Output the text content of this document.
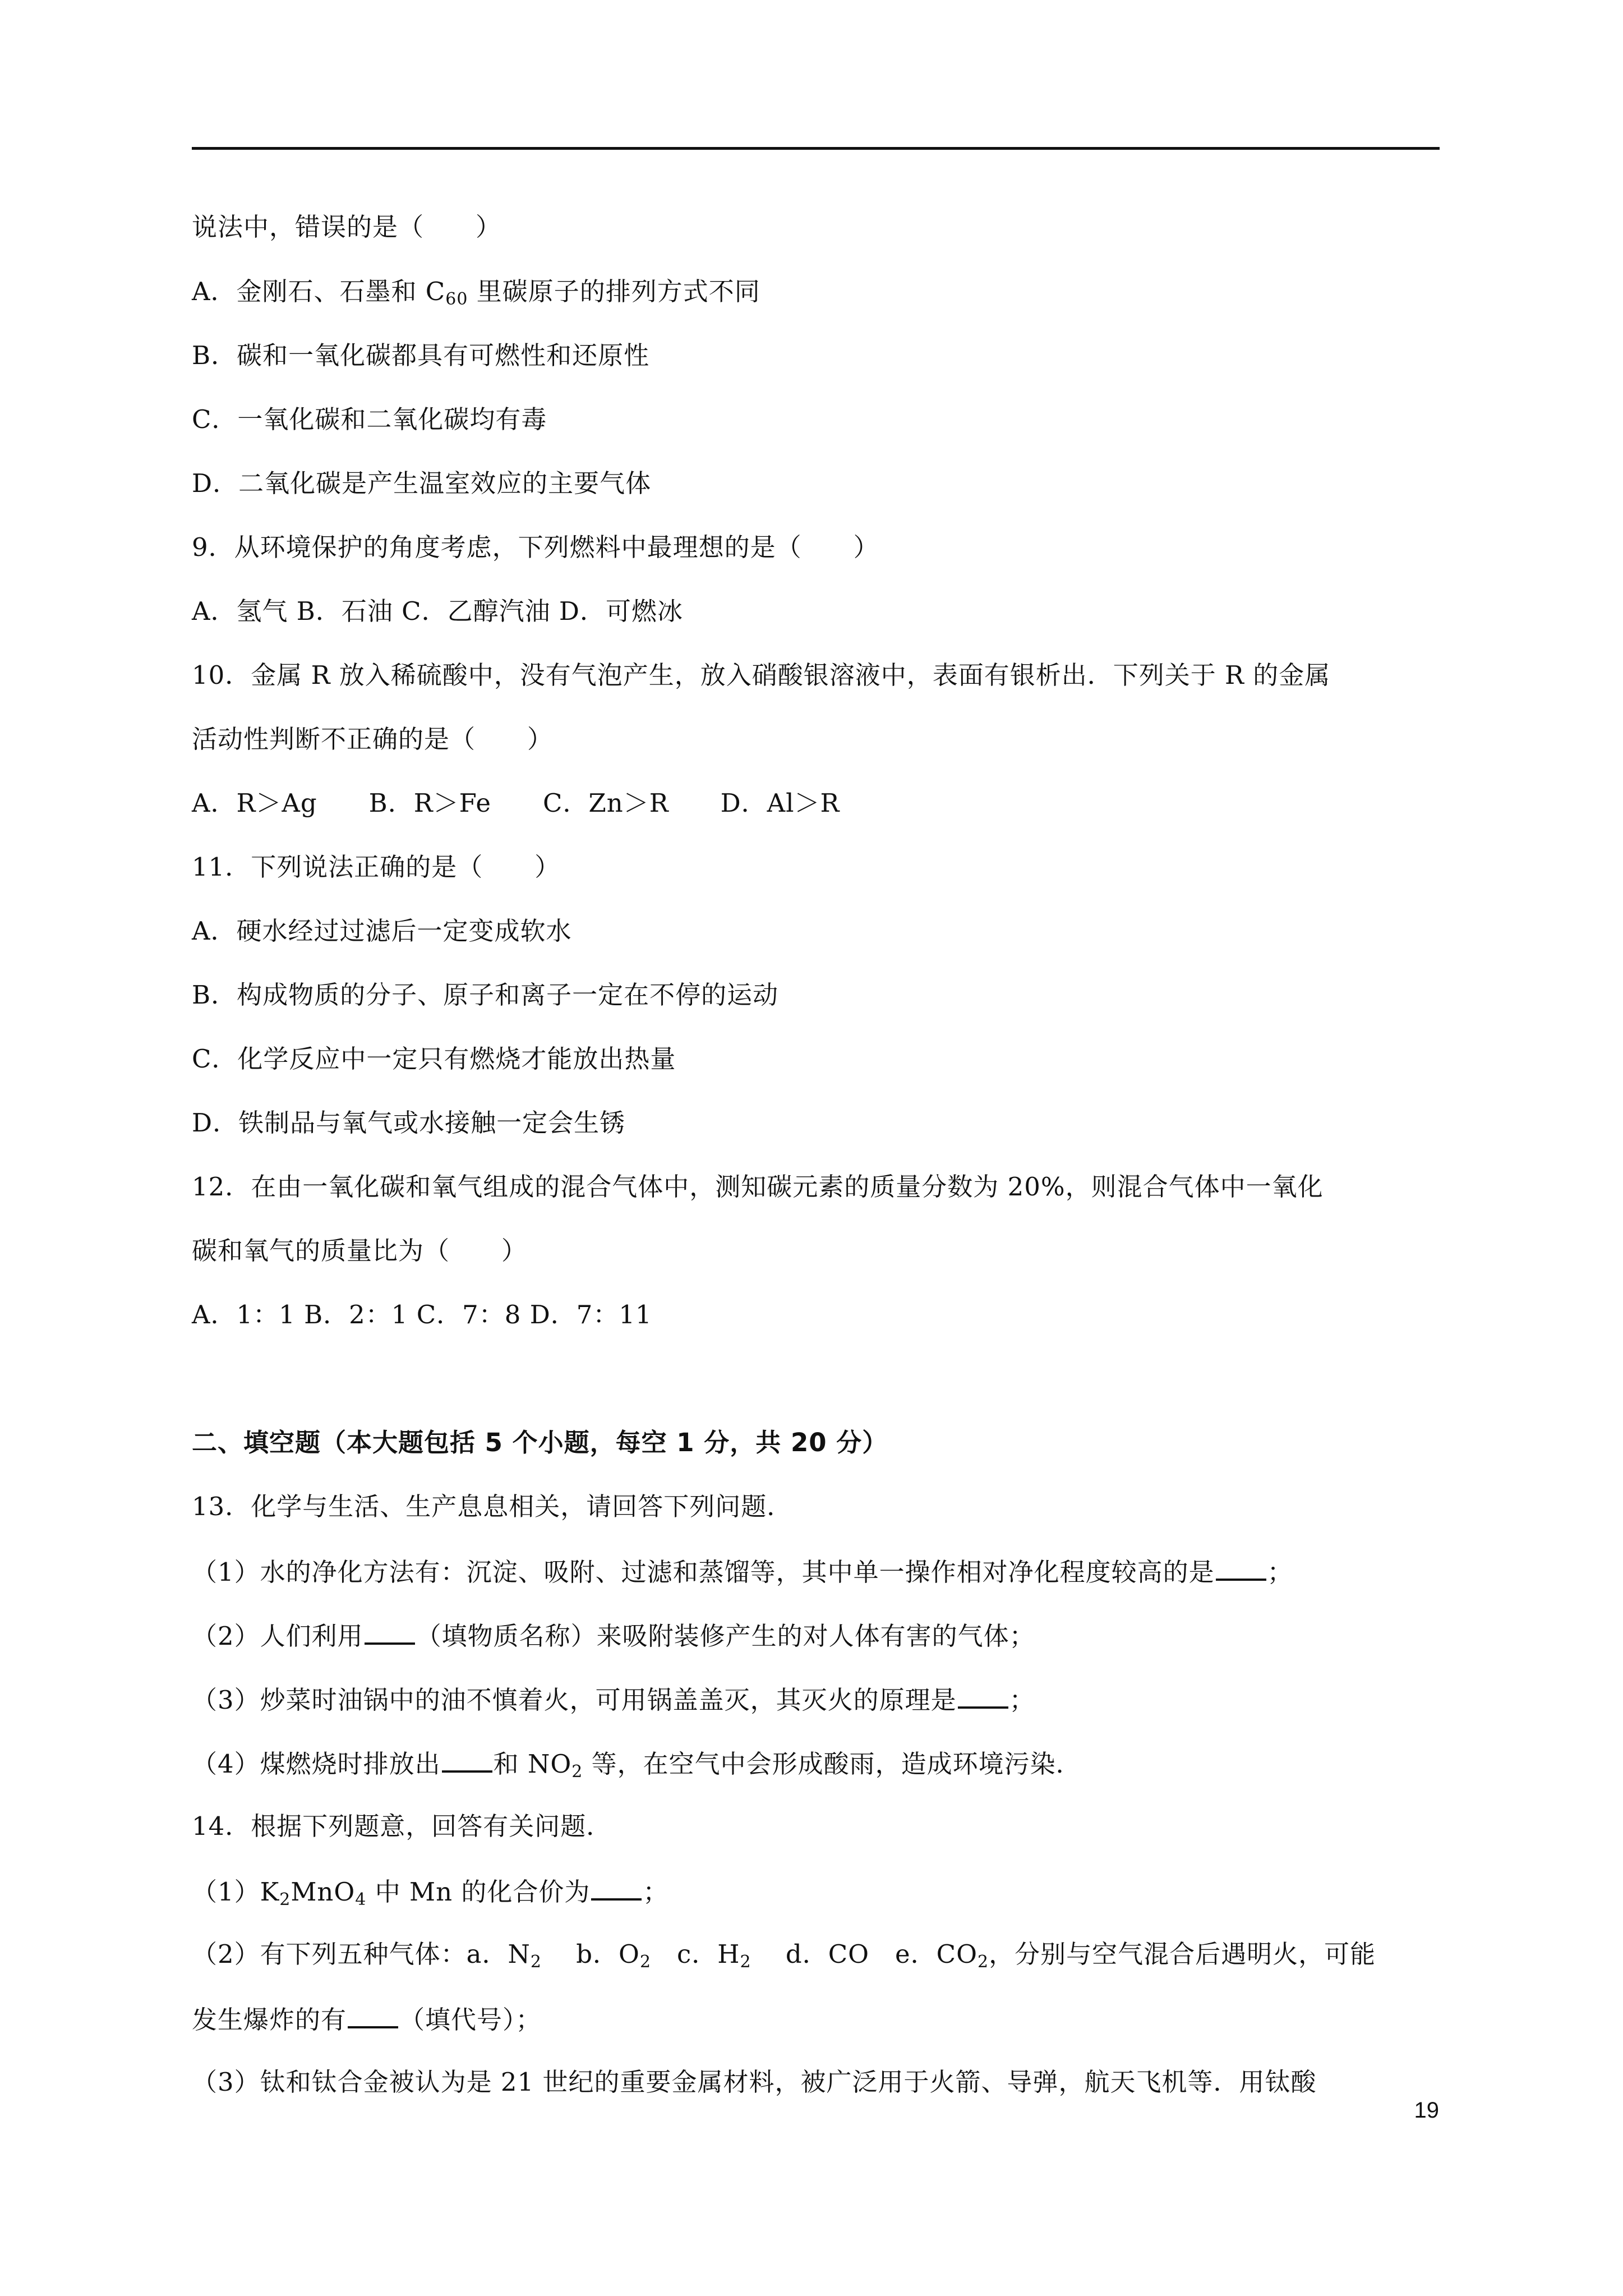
说法中，错误的是（　　）
A．金刚石、石墨和 $C_{60}$ 里碳原子的排列方式不同
B．碳和一氧化碳都具有可燃性和还原性
C．一氧化碳和二氧化碳均有毒
D．二氧化碳是产生温室效应的主要气体
9．从环境保护的角度考虑，下列燃料中最理想的是（　　）
A．氢气 B．石油 C．乙醇汽油 D．可燃冰
10．金属 R 放入稀硫酸中，没有气泡产生，放入硝酸银溶液中，表面有银析出．下列关于 R 的金属
活动性判断不正确的是（　　）
A．R＞Ag　　B．R＞Fe　　C．Zn＞R　　D．Al＞R
11．下列说法正确的是（　　）
A．硬水经过过滤后一定变成软水
B．构成物质的分子、原子和离子一定在不停的运动
C．化学反应中一定只有燃烧才能放出热量
D．铁制品与氧气或水接触一定会生锈
12．在由一氧化碳和氧气组成的混合气体中，测知碳元素的质量分数为 20%，则混合气体中一氧化
碳和氧气的质量比为（　　）
A．1：1 B．2：1 C．7：8 D．7：11
二、填空题（本大题包括 5 个小题，每空 1 分，共 20 分）
13．化学与生活、生产息息相关，请回答下列问题．
（1）水的净化方法有：沉淀、吸附、过滤和蒸馏等，其中单一操作相对净化程度较高的是 ；
（2）人们利用 （填物质名称）来吸附装修产生的对人体有害的气体；
（3）炒菜时油锅中的油不慎着火，可用锅盖盖灭，其灭火的原理是 ；
（4）煤燃烧时排放出 和 $NO_2$ 等，在空气中会形成酸雨，造成环境污染．
14．根据下列题意，回答有关问题．
$(1)K_2MnO_4$ 中 Mn 的化合价为 ；
（2）有下列五种气体：a．$N_2$　 b．$O_2$　c．$H_2$　 d．CO　e．$CO_2$，分别与空气混合后遇明火，可能
发生爆炸的有 （填代号）；
（3）钛和钛合金被认为是 21 世纪的重要金属材料，被广泛用于火箭、导弹，航天飞机等．用钛酸
19
